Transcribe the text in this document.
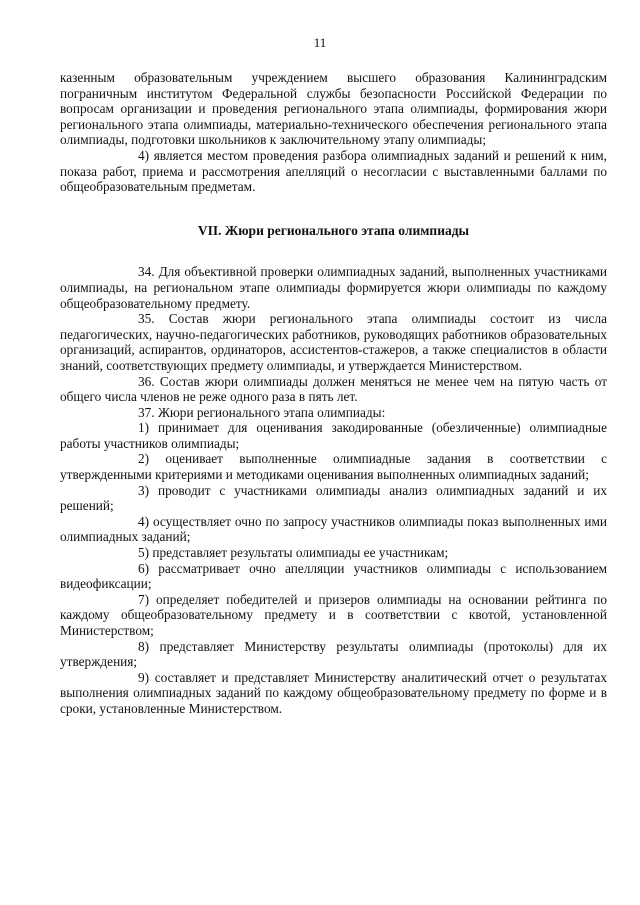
11

казенным образовательным учреждением высшего образования Калининградским пограничным институтом Федеральной службы безопасности Российской Федерации по вопросам организации и проведения регионального этапа олимпиады, формирования жюри регионального этапа олимпиады, материально-технического обеспечения регионального этапа олимпиады, подготовки школьников к заключительному этапу олимпиады;

4) является местом проведения разбора олимпиадных заданий и решений к ним, показа работ, приема и рассмотрения апелляций о несогласии с выставленными баллами по общеобразовательным предметам.

VII. Жюри регионального этапа олимпиады

34. Для объективной проверки олимпиадных заданий, выполненных участниками олимпиады, на региональном этапе олимпиады формируется жюри олимпиады по каждому общеобразовательному предмету.

35. Состав жюри регионального этапа олимпиады состоит из числа педагогических, научно-педагогических работников, руководящих работников образовательных организаций, аспирантов, ординаторов, ассистентов-стажеров, а также специалистов в области знаний, соответствующих предмету олимпиады, и утверждается Министерством.

36. Состав жюри олимпиады должен меняться не менее чем на пятую часть от общего числа членов не реже одного раза в пять лет.

37. Жюри регионального этапа олимпиады:

1) принимает для оценивания закодированные (обезличенные) олимпиадные работы участников олимпиады;

2) оценивает выполненные олимпиадные задания в соответствии с утвержденными критериями и методиками оценивания выполненных олимпиадных заданий;

3) проводит с участниками олимпиады анализ олимпиадных заданий и их решений;

4) осуществляет очно по запросу участников олимпиады показ выполненных ими олимпиадных заданий;

5) представляет результаты олимпиады ее участникам;

6) рассматривает очно апелляции участников олимпиады с использованием видеофиксации;

7) определяет победителей и призеров олимпиады на основании рейтинга по каждому общеобразовательному предмету и в соответствии с квотой, установленной Министерством;

8) представляет Министерству результаты олимпиады (протоколы) для их утверждения;

9) составляет и представляет Министерству аналитический отчет о результатах выполнения олимпиадных заданий по каждому общеобразовательному предмету по форме и в сроки, установленные Министерством.
